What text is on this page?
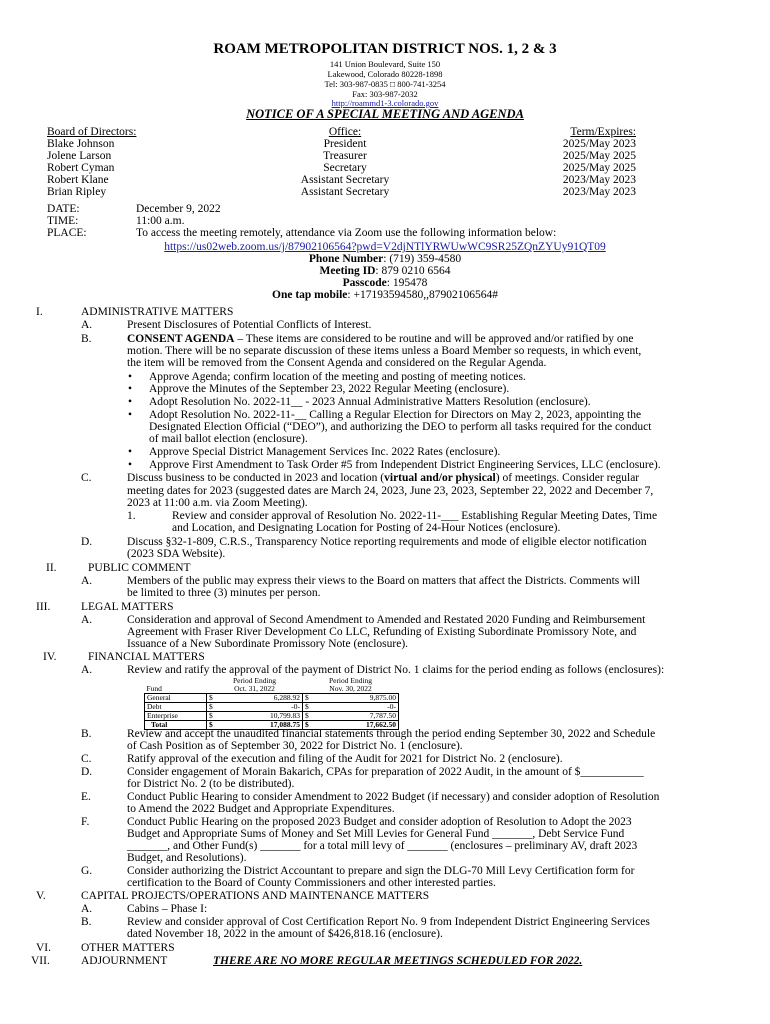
ROAM METROPOLITAN DISTRICT NOS. 1, 2 & 3
141 Union Boulevard, Suite 150
Lakewood, Colorado 80228-1898
Tel: 303-987-0835 □ 800-741-3254
Fax: 303-987-2032
http://roammd1-3.colorado.gov
NOTICE OF A SPECIAL MEETING AND AGENDA
Board of Directors:	Office:	Term/Expires:
Blake Johnson	President	2025/May 2023
Jolene Larson	Treasurer	2025/May 2025
Robert Cyman	Secretary	2025/May 2025
Robert Klane	Assistant Secretary	2023/May 2023
Brian Ripley	Assistant Secretary	2023/May 2023
DATE:	December 9, 2022
TIME:	11:00 a.m.
PLACE:	To access the meeting remotely, attendance via Zoom use the following information below:
https://us02web.zoom.us/j/87902106564?pwd=V2djNTlYRWUwWC9SR25ZQnZYUy91QT09
Phone Number: (719) 359-4580
Meeting ID: 879 0210 6564
Passcode: 195478
One tap mobile: +17193594580,,87902106564#
I.	ADMINISTRATIVE MATTERS
A.	Present Disclosures of Potential Conflicts of Interest.
B.	CONSENT AGENDA – These items are considered to be routine and will be approved and/or ratified by one
motion. There will be no separate discussion of these items unless a Board Member so requests, in which event,
the item will be removed from the Consent Agenda and considered on the Regular Agenda.
• Approve Agenda; confirm location of the meeting and posting of meeting notices.
• Approve the Minutes of the September 23, 2022 Regular Meeting (enclosure).
• Adopt Resolution No. 2022-11__ - 2023 Annual Administrative Matters Resolution (enclosure).
• Adopt Resolution No. 2022-11-__ Calling a Regular Election for Directors on May 2, 2023, appointing the
Designated Election Official (“DEO”), and authorizing the DEO to perform all tasks required for the conduct
of mail ballot election (enclosure).
• Approve Special District Management Services Inc. 2022 Rates (enclosure).
• Approve First Amendment to Task Order #5 from Independent District Engineering Services, LLC (enclosure).
C.	Discuss business to be conducted in 2023 and location (virtual and/or physical) of meetings. Consider regular
meeting dates for 2023 (suggested dates are March 24, 2023, June 23, 2023, September 22, 2022 and December 7,
2023 at 11:00 a.m. via Zoom Meeting).
1.	Review and consider approval of Resolution No. 2022-11-___ Establishing Regular Meeting Dates, Time
and Location, and Designating Location for Posting of 24-Hour Notices (enclosure).
D.	Discuss §32-1-809, C.R.S., Transparency Notice reporting requirements and mode of eligible elector notification
(2023 SDA Website).
II.	PUBLIC COMMENT
A.	Members of the public may express their views to the Board on matters that affect the Districts. Comments will
be limited to three (3) minutes per person.
III.	LEGAL MATTERS
A.	Consideration and approval of Second Amendment to Amended and Restated 2020 Funding and Reimbursement
Agreement with Fraser River Development Co LLC, Refunding of Existing Subordinate Promissory Note, and
Issuance of a New Subordinate Promissory Note (enclosure).
IV.	FINANCIAL MATTERS
A.	Review and ratify the approval of the payment of District No. 1 claims for the period ending as follows (enclosures):
	Period Ending		Period Ending	
Fund	Oct. 31, 2022		Nov. 30, 2022	
General	$	6,288.92	$	9,875.00
Debt	$	-0-	$	-0-
Enterprise	$	10,799.83	$	7,787.50
Total	$	17,088.75	$	17,662.50
B.	Review and accept the unaudited financial statements through the period ending September 30, 2022 and Schedule
of Cash Position as of September 30, 2022 for District No. 1 (enclosure).
C.	Ratify approval of the execution and filing of the Audit for 2021 for District No. 2 (enclosure).
D.	Consider engagement of Morain Bakarich, CPAs for preparation of 2022 Audit, in the amount of $___________
for District No. 2 (to be distributed).
E.	Conduct Public Hearing to consider Amendment to 2022 Budget (if necessary) and consider adoption of Resolution
to Amend the 2022 Budget and Appropriate Expenditures.
F.	Conduct Public Hearing on the proposed 2023 Budget and consider adoption of Resolution to Adopt the 2023
Budget and Appropriate Sums of Money and Set Mill Levies for General Fund _______, Debt Service Fund
_______, and Other Fund(s) _______ for a total mill levy of _______ (enclosures – preliminary AV, draft 2023
Budget, and Resolutions).
G.	Consider authorizing the District Accountant to prepare and sign the DLG-70 Mill Levy Certification form for
certification to the Board of County Commissioners and other interested parties.
V.	CAPITAL PROJECTS/OPERATIONS AND MAINTENANCE MATTERS
A.	Cabins – Phase I:
B.	Review and consider approval of Cost Certification Report No. 9 from Independent District Engineering Services
dated November 18, 2022 in the amount of $426,818.16 (enclosure).
VI.	OTHER MATTERS
VII.	ADJOURNMENT	THERE ARE NO MORE REGULAR MEETINGS SCHEDULED FOR 2022.
